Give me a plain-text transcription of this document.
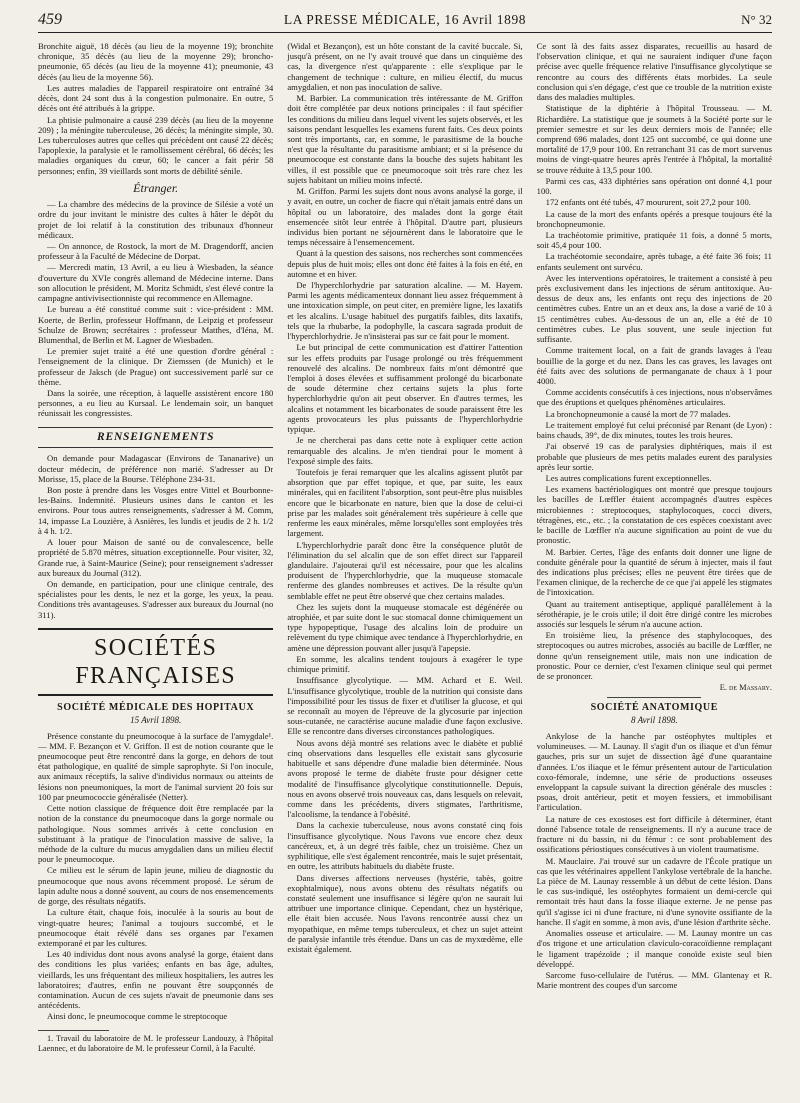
459	LA PRESSE MÉDICALE, 16 Avril 1898	N° 32

Bronchite aiguë, 18 décès (au lieu de la moyenne 19); bronchite chronique, 35 décès (au lieu de la moyenne 29); broncho-pneumonie, 65 décès (au lieu de la moyenne 41); pneumonie, 43 décès (au lieu de la moyenne 56).

Les autres maladies de l'appareil respiratoire ont entraîné 34 décès, dont 24 sont dus à la congestion pulmonaire. En outre, 5 décès ont été attribués à la grippe.

La phtisie pulmonaire a causé 239 décès (au lieu de la moyenne 209) ; la méningite tuberculeuse, 26 décès; la méningite simple, 30. Les tuberculoses autres que celles qui précèdent ont causé 22 décès; l'apoplexie, la paralysie et le ramollissement cérébral, 66 décès; les maladies organiques du cœur, 60; le cancer a fait périr 58 personnes; enfin, 39 vieillards sont morts de débilité sénile.

Étranger.

— La chambre des médecins de la province de Silésie a voté un ordre du jour invitant le ministre des cultes à hâter le dépôt du projet de loi relatif à la constitution des tribunaux d'honneur médicaux.

— On annonce, de Rostock, la mort de M. Dragendorff, ancien professeur à la Faculté de Médecine de Dorpat.

— Mercredi matin, 13 Avril, a eu lieu à Wiesbaden, la séance d'ouverture du XVIe congrès allemand de Médecine interne. Dans son allocution le président, M. Moritz Schmidt, s'est élevé contre la campagne antivivisectionniste qui recommence en Allemagne.

Le bureau a été constitué comme suit : vice-président : MM. Koerte, de Berlin, professeur Hoffmann, de Leipzig et professeur Schulze de Brown; secrétaires : professeur Matthes, d'Iéna, M. Blumenthal, de Berlin et M. Lagner de Wiesbaden.

Le premier sujet traité a été une question d'ordre général : l'enseignement de la clinique. Dr Ziemssen (de Munich) et le professeur de Jaksch (de Prague) ont successivement parlé sur ce thème.

Dans la soirée, une réception, à laquelle assistèrent encore 180 personnes, a eu lieu au Kursaal. Le lendemain soir, un banquet réunissait les congressistes.

RENSEIGNEMENTS

On demande pour Madagascar (Environs de Tananarive) un docteur médecin, de préférence non marié. S'adresser au Dr Morisse, 15, place de la Bourse. Téléphone 234-31.

Bon poste à prendre dans les Vosges entre Vittel et Bourbonne-les-Bains. Indemnité. Plusieurs usines dans le canton et les environs. Pour tous autres renseignements, s'adresser à M. Comm, 14, impasse La Louzière, à Asnières, les lundis et jeudis de 2 h. 1/2 à 4 h. 1/2.

A louer pour Maison de santé ou de convalescence, belle propriété de 5.870 mètres, situation exceptionnelle. Pour visiter, 32, Grande rue, à Saint-Maurice (Seine); pour renseignement s'adresser aux bureaux du Journal (312).

On demande, en participation, pour une clinique centrale, des spécialistes pour les dents, le nez et la gorge, les yeux, la peau. Conditions très avantageuses. S'adresser aux bureaux du Journal (no 311).

SOCIÉTÉS FRANÇAISES
SOCIÉTÉ MÉDICALE DES HOPITAUX
15 Avril 1898.

Présence constante du pneumocoque à la surface de l'amygdale¹. — MM. F. Bezançon et V. Griffon. Il est de notion courante que le pneumocoque peut être rencontré dans la gorge, en dehors de tout état pathologique, en qualité de simple saprophyte. Si l'on inocule, aux animaux réceptifs, la salive d'individus normaux ou atteints de lésions non pneumoniques, la mort de l'animal survient 20 fois sur 100 par pneumococcie généralisée (Netter).

Cette notion classique de fréquence doit être remplacée par la notion de la constance du pneumocoque dans la gorge normale ou pathologique. Nous sommes arrivés à cette conclusion en substituant à la pratique de l'inoculation massive de salive, la méthode de la culture du mucus amygdalien dans un milieu électif pour le pneumocoque.

Ce milieu est le sérum de lapin jeune, milieu de diagnostic du pneumocoque que nous avons récemment proposé. Le sérum de lapin adulte nous a donné souvent, au cours de nos ensemencements de gorge, des résultats négatifs.

La culture était, chaque fois, inoculée à la souris au bout de vingt-quatre heures; l'animal a toujours succombé, et le pneumocoque était révélé dans ses organes par l'examen extemporané et par les cultures.

Les 40 individus dont nous avons analysé la gorge, étaient dans des conditions les plus variées; enfants en bas âge, adultes, vieillards, les uns fréquentant des milieux hospitaliers, les autres les laboratoires; d'autres, enfin ne pouvant être soupçonnés de contamination. Aucun de ces sujets n'avait de pneumonie dans ses antécédents.

Ainsi donc, le pneumocoque comme le streptocoque

1. Travail du laboratoire de M. le professeur Landouzy, à l'hôpital Laennec, et du laboratoire de M. le professeur Cornil, à la Faculté.

(Widal et Bezançon), est un hôte constant de la cavité buccale. Si, jusqu'à présent, on ne l'y avait trouvé que dans un cinquième des cas, la divergence n'est qu'apparente : elle s'explique par le changement de technique : culture, en milieu électif, du mucus amygdalien, et non pas inoculation de salive.

M. Barbier. La communication très intéressante de M. Griffon doit être complétée par deux notions principales : il faut spécifier les conditions du milieu dans lequel vivent les sujets observés, et les saisons pendant lesquelles les examens furent faits. Ces deux points sont très importants, car, en somme, le parasitisme de la bouche n'est que la résultante du parasitisme ambiant; et si la présence du pneumocoque est constante dans la bouche des sujets habitant les villes, il est possible que ce pneumocoque soit très rare chez les sujets habitant un milieu moins infecté.

M. Griffon. Parmi les sujets dont nous avons analysé la gorge, il y avait, en outre, un cocher de fiacre qui n'était jamais entré dans un hôpital ou un laboratoire, des malades dont la gorge était ensemencée sitôt leur entrée à l'hôpital. D'autre part, plusieurs individus bien portant ne séjournèrent dans le laboratoire que le temps nécessaire à l'ensemencement.

Quant à la question des saisons, nos recherches sont commencées depuis plus de huit mois; elles ont donc été faites à la fois en été, en automne et en hiver.

De l'hyperchlorhydrie par saturation alcaline. — M. Hayem. Parmi les agents médicamenteux donnant lieu assez fréquemment à une intoxication simple, on peut citer, en première ligne, les laxatifs et les alcalins. L'usage habituel des purgatifs faibles, dits laxatifs, tels que la rhubarbe, la podophylle, la cascara sagrada produit de l'hyperchlorhydrie. Je n'insisterai pas sur ce fait pour le moment.

Le but principal de cette communication est d'attirer l'attention sur les effets produits par l'usage prolongé ou très fréquemment renouvelé des alcalins. De nombreux faits m'ont démontré que l'emploi à doses élevées et suffisamment prolongé du bicarbonate de soude détermine chez certains sujets la plus forte hyperchlorhydrie qu'on ait peut observer. En d'autres termes, les alcalins et notamment les bicarbonates de soude paraissent être les agents provocateurs les plus puissants de l'hyperchlorhydrie typique.

Je ne chercherai pas dans cette note à expliquer cette action remarquable des alcalins. Je m'en tiendrai pour le moment à l'exposé simple des faits.

Toutefois je ferai remarquer que les alcalins agissent plutôt par absorption que par effet topique, et que, par suite, les eaux minérales, qui en facilitent l'absorption, sont peut-être plus nuisibles encore que le bicarbonate en nature, bien que la dose de celui-ci prise par les malades soit généralement très supérieure à celle que renferme les eaux minérales, même lorsqu'elles sont employées très largement.

L'hyperchlorhydrie paraît donc être la conséquence plutôt de l'élimination du sel alcalin que de son effet direct sur l'appareil glandulaire. J'ajouterai qu'il est nécessaire, pour que les alcalins produisent de l'hyperchlorhydrie, que la muqueuse stomacale renferme des glandes nombreuses et actives. De la résulte qu'un semblable effet ne peut être observé que chez certains malades.

Chez les sujets dont la muqueuse stomacale est dégénérée ou atrophiée, et par suite dont le suc stomacal donne chimiquement un type hypopeptique, l'usage des alcalins loin de produire un relèvement du type chimique avec tendance à l'hyperchlorhydrie, en amène une dépression pouvant aller jusqu'à l'apepsie.

En somme, les alcalins tendent toujours à exagérer le type chimique primitif.

Insuffisance glycolytique. — MM. Achard et E. Weil. L'insuffisance glycolytique, trouble de la nutrition qui consiste dans l'impossibilité pour les tissus de fixer et d'utiliser la glucose, et qui se reconnaît au moyen de l'épreuve de la glycosurie par injection sous-cutanée, ne caractérise aucune maladie d'une façon exclusive. Elle se rencontre dans diverses circonstances pathologiques.

Nous avons déjà montré ses relations avec le diabète et publié cinq observations dans lesquelles elle existait sans glycosurie habituelle et sans dépendre d'une maladie bien déterminée. Nous avons proposé le terme de diabète fruste pour désigner cette modalité de l'insuffisance glycolytique constitutionnelle. Depuis, nous en avons observé trois nouveaux cas, dans lesquels on relevait, comme dans les précédents, divers stigmates, l'arthritisme, l'alcoolisme, la tendance à l'obésité.

Dans la cachexie tuberculeuse, nous avons constaté cinq fois l'insuffisance glycolytique. Nous l'avons vue encore chez deux cancéreux, et, à un degré très faible, chez un troisième. Chez un syphilitique, elle s'est également rencontrée, mais le sujet présentait, en outre, les attributs habituels du diabète fruste.

Dans diverses affections nerveuses (hystérie, tabès, goitre exophtalmique), nous avons obtenu des résultats négatifs ou constaté seulement une insuffisance si légère qu'on ne saurait lui attribuer une importance clinique. Cependant, chez un hystérique, elle était bien accusée. Nous l'avons rencontrée aussi chez un myopathique, en même temps tuberculeux, et chez un sujet atteint de paralysie infantile très étendue. Dans un cas de myxœdème, elle existait également.

Ce sont là des faits assez disparates, recueillis au hasard de l'observation clinique, et qui ne sauraient indiquer d'une façon précise avec quelle fréquence relative l'insuffisance glycolytique se rencontre au cours des différents états morbides. La seule conclusion qui s'en dégage, c'est que ce trouble de la nutrition existe dans des maladies multiples.

Statistique de la diphtérie à l'hôpital Trousseau. — M. Richardière. La statistique que je soumets à la Société porte sur le premier semestre et sur les deux derniers mois de l'année; elle comprend 696 malades, dont 125 ont succombé, ce qui donne une mortalité de 17,9 pour 100. En retranchant 31 cas de mort survenus moins de vingt-quatre heures après l'entrée à l'hôpital, la mortalité se trouve réduite à 13,5 pour 100.

Parmi ces cas, 433 diphtéries sans opération ont donné 4,1 pour 100.

172 enfants ont été tubés, 47 moururent, soit 27,2 pour 100.

La cause de la mort des enfants opérés a presque toujours été la bronchopneumonie.

La trachéotomie primitive, pratiquée 11 fois, a donné 5 morts, soit 45,4 pour 100.

La trachéotomie secondaire, après tubage, a été faite 36 fois; 11 enfants seulement ont survécu.

Avec les interventions opératoires, le traitement a consisté à peu près exclusivement dans les injections de sérum antitoxique. Au-dessus de deux ans, les enfants ont reçu des injections de 20 centimètres cubes. Entre un an et deux ans, la dose a varié de 10 à 15 centimètres cubes. Au-dessous de un an, elle a été de 10 centimètres cubes. Le plus souvent, une seule injection fut suffisante.

Comme traitement local, on a fait de grands lavages à l'eau bouillie de la gorge et du nez. Dans les cas graves, les lavages ont été faits avec des solutions de permanganate de chaux à 1 pour 4000.

Comme accidents consécutifs à ces injections, nous n'observâmes que des éruptions et quelques phénomènes articulaires.

La bronchopneumonie a causé la mort de 77 malades.

Le traitement employé fut celui préconisé par Renant (de Lyon) : bains chauds, 39°, de dix minutes, toutes les trois heures.

J'ai observé 19 cas de paralysies diphtériques, mais il est probable que plusieurs de mes petits malades eurent des paralysies après leur sortie.

Les autres complications furent exceptionnelles.

Les examens bactériologiques ont montré que presque toujours les bacilles de Lœffler étaient accompagnés d'autres espèces microbiennes : streptocoques, staphylocoques, cocci divers, tétragènes, etc., etc. ; la constatation de ces espèces coexistant avec le bacille de Lœffler n'a aucune signification au point de vue du pronostic.

M. Barbier. Certes, l'âge des enfants doit donner une ligne de conduite générale pour la quantité de sérum à injecter, mais il faut des indications plus précises; elles ne peuvent être tirées que de l'examen clinique, de la recherche de ce que j'ai appelé les stigmates de l'intoxication.

Quant au traitement antiseptique, appliqué parallèlement à la sérothérapie, je le crois utile; il doit être dirigé contre les microbes associés sur lesquels le sérum n'a aucune action.

En troisième lieu, la présence des staphylocoques, des streptocoques ou autres microbes, associés au bacille de Lœffler, ne donne qu'un renseignement utile, mais non une indication de pronostic. Pour ce dernier, c'est l'examen clinique seul qui permet de se prononcer.

E. de Massary.
SOCIÉTÉ ANATOMIQUE
8 Avril 1898.

Ankylose de la hanche par ostéophytes multiples et volumineuses. — M. Launay. Il s'agit d'un os iliaque et d'un fémur gauches, pris sur un sujet de dissection âgé d'une quarantaine d'années. L'os iliaque et le fémur présentent autour de l'articulation coxo-fémorale, indemne, une série de productions osseuses enveloppant la capsule suivant la direction générale des muscles : psoas, droit antérieur, petit et moyen fessiers, et immobilisant l'articulation.

La nature de ces exostoses est fort difficile à déterminer, étant donné l'absence totale de renseignements. Il n'y a aucune trace de fracture ni du bassin, ni du fémur : ce sont probablement des ossifications périostiques consécutives à un violent traumatisme.

M. Mauclaire. J'ai trouvé sur un cadavre de l'École pratique un cas que les vétérinaires appellent l'ankylose vertébrale de la hanche. La pièce de M. Launay ressemble à un début de cette lésion. Dans le cas sus-indiqué, les ostéophytes formaient un demi-cercle qui remontait très haut dans la fosse iliaque externe. Je ne pense pas qu'il s'agisse ici ni d'une fracture, ni d'une synovite ossifiante de la hanche. Il s'agit en somme, à mon avis, d'une lésion d'arthrite sèche.

Anomalies osseuse et articulaire. — M. Launay montre un cas d'os trigone et une articulation claviculo-coracoïdienne remplaçant le ligament trapézoïde ; il manque conoïde existe seul bien développé.

Sarcome fuso-cellulaire de l'utérus. — MM. Glantenay et R. Marie montrent des coupes d'un sarcome
